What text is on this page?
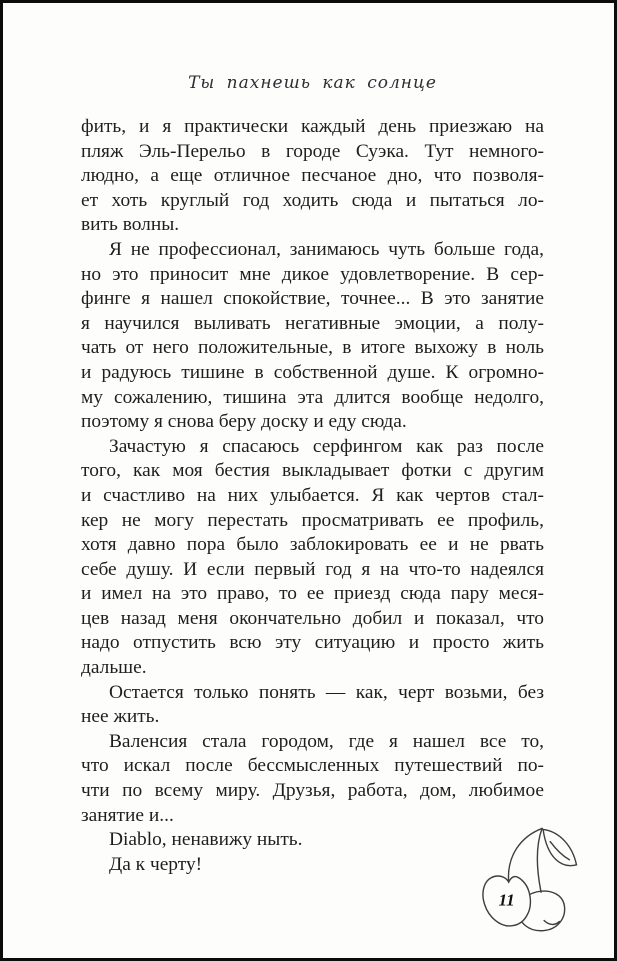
Ты пахнешь как солнце
фить, и я практически каждый день приезжаю на
пляж Эль-Перельо в городе Суэка. Тут немного-
людно, а еще отличное песчаное дно, что позволя-
ет хоть круглый год ходить сюда и пытаться ло-
вить волны.
Я не профессионал, занимаюсь чуть больше года,
но это приносит мне дикое удовлетворение. В сер-
финге я нашел спокойствие, точнее... В это занятие
я научился выливать негативные эмоции, а полу-
чать от него положительные, в итоге выхожу в ноль
и радуюсь тишине в собственной душе. К огромно-
му сожалению, тишина эта длится вообще недолго,
поэтому я снова беру доску и еду сюда.
Зачастую я спасаюсь серфингом как раз после
того, как моя бестия выкладывает фотки с другим
и счастливо на них улыбается. Я как чертов стал-
кер не могу перестать просматривать ее профиль,
хотя давно пора было заблокировать ее и не рвать
себе душу. И если первый год я на что-то надеялся
и имел на это право, то ее приезд сюда пару меся-
цев назад меня окончательно добил и показал, что
надо отпустить всю эту ситуацию и просто жить
дальше.
Остается только понять — как, черт возьми, без
нее жить.
Валенсия стала городом, где я нашел все то,
что искал после бессмысленных путешествий по-
чти по всему миру. Друзья, работа, дом, любимое
занятие и...
Diablo, ненавижу ныть.
Да к черту!
11
